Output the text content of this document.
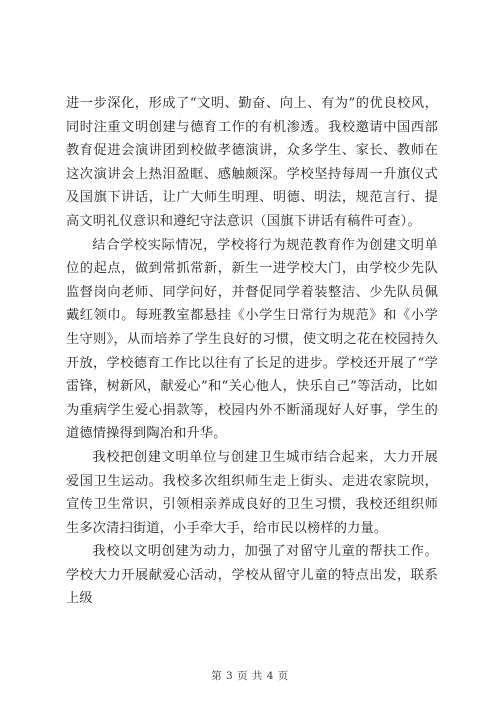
进一步深化，形成了“文明、勤奋、向上、有为”的优良校风，同时注重文明创建与德育工作的有机渗透。我校邀请中国西部教育促进会演讲团到校做孝德演讲，众多学生、家长、教师在这次演讲会上热泪盈眶、感触颇深。学校坚持每周一升旗仪式及国旗下讲话，让广大师生明理、明德、明法，规范言行、提高文明礼仪意识和遵纪守法意识（国旗下讲话有稿件可查）。

结合学校实际情况，学校将行为规范教育作为创建文明单位的起点，做到常抓常新，新生一进学校大门，由学校少先队监督岗向老师、同学问好，并督促同学着装整洁、少先队员佩戴红领巾。每班教室都悬挂《小学生日常行为规范》和《小学生守则》，从而培养了学生良好的习惯，使文明之花在校园持久开放，学校德育工作比以往有了长足的进步。学校还开展了“学雷锋，树新风，献爱心”和“关心他人，快乐自己”等活动，比如为重病学生爱心捐款等，校园内外不断涌现好人好事，学生的道德情操得到陶冶和升华。

我校把创建文明单位与创建卫生城市结合起来，大力开展爱国卫生运动。我校多次组织师生走上街头、走进农家院坝，宣传卫生常识，引领相亲养成良好的卫生习惯，我校还组织师生多次清扫街道，小手牵大手，给市民以榜样的力量。

我校以文明创建为动力，加强了对留守儿童的帮扶工作。学校大力开展献爱心活动，学校从留守儿童的特点出发，联系上级

第 3 页 共 4 页
